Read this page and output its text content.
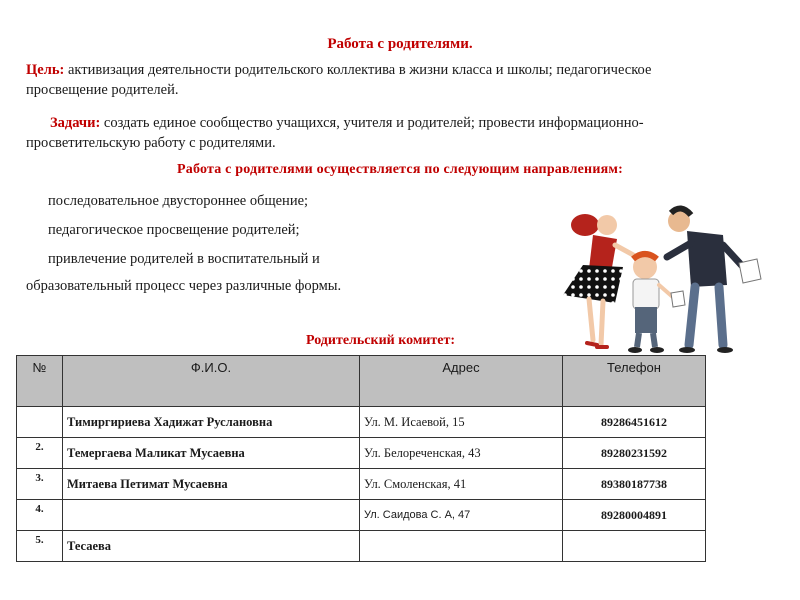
Работа с родителями.
Цель: активизация деятельности родительского коллектива в жизни класса и школы; педагогическое просвещение родителей.
Задачи: создать единое сообщество учащихся, учителя и родителей; провести информационно-просветительскую работу с родителями.
Работа с родителями осуществляется по следующим направлениям:
последовательное двустороннее общение;
педагогическое просвещение родителей;
привлечение родителей в воспитательный и
образовательный процесс через различные формы.
Родительский комитет:
№	Ф.И.О.	Адрес	Телефон
	Тимиргириева Хадижат Руслановна	Ул. М. Исаевой, 15	89286451612
2.	Темергаева Маликат Мусаевна	Ул. Белореченская, 43	89280231592
3.	Митаева Петимат Мусаевна	Ул. Смоленская, 41	89380187738
4.		Ул. Саидова С. А, 47	89280004891
5.	Тесаева		
